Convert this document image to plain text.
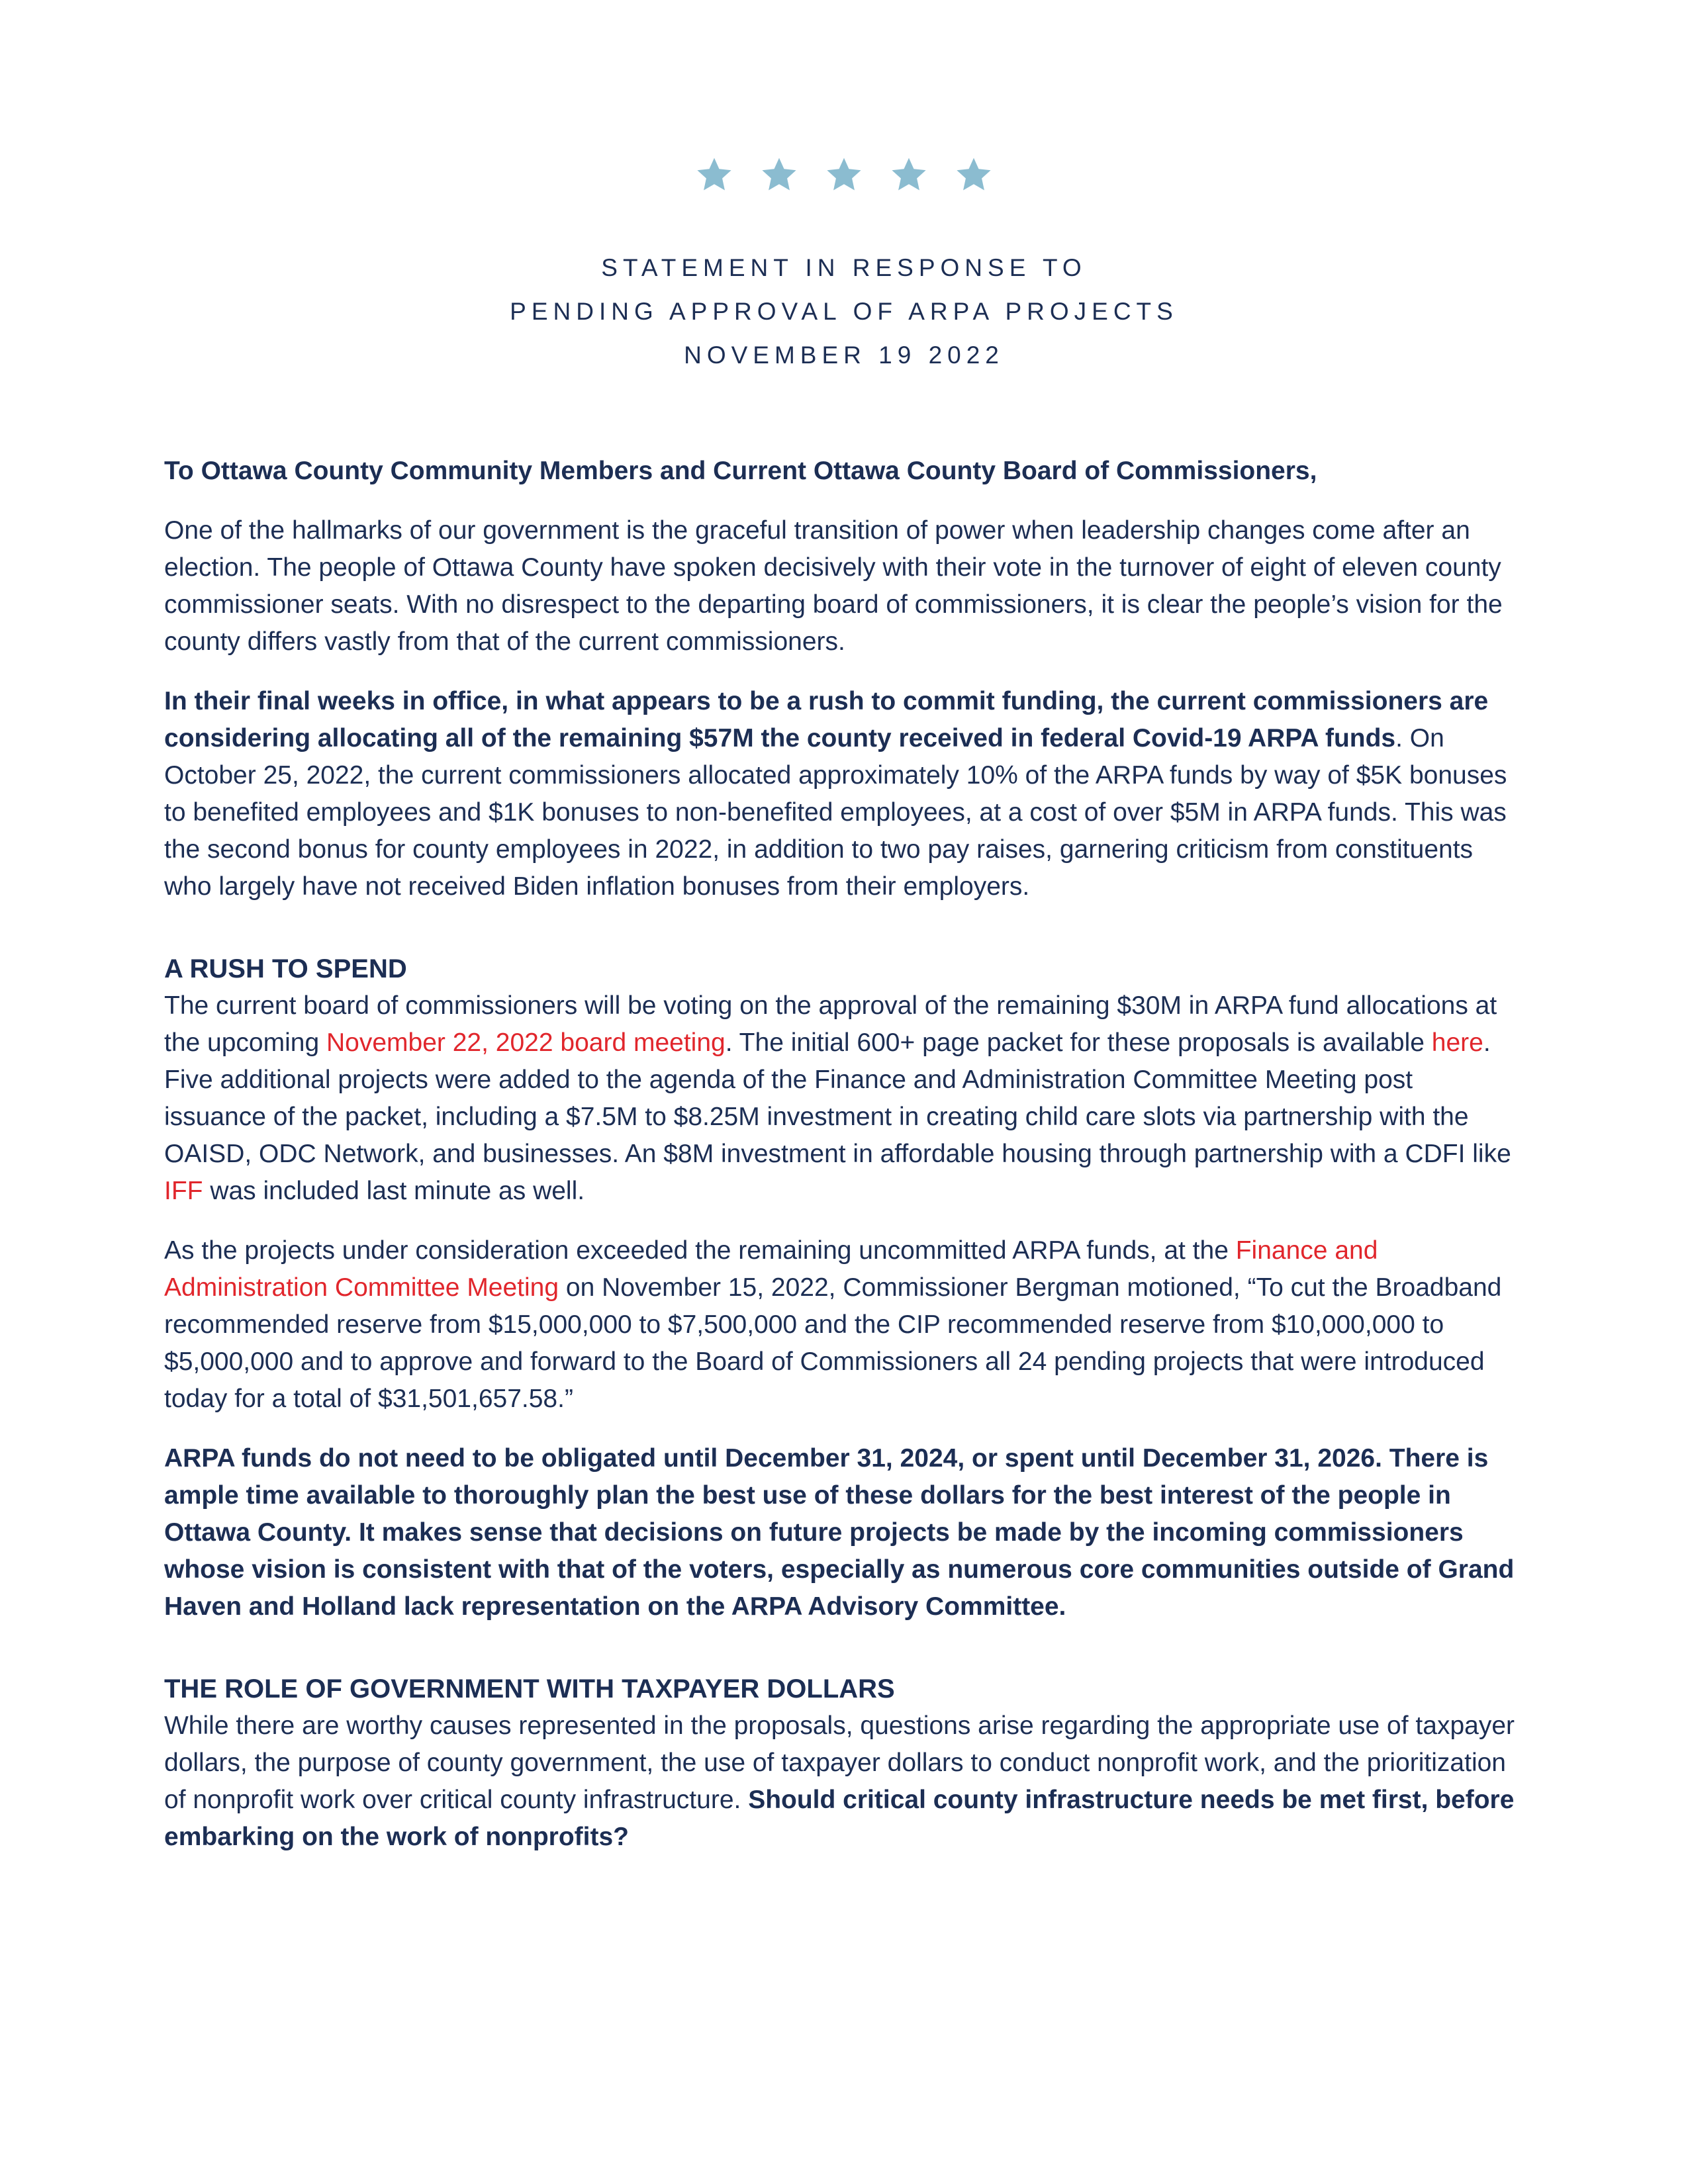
STATEMENT IN RESPONSE TO
PENDING APPROVAL OF ARPA PROJECTS
NOVEMBER 19 2022

To Ottawa County Community Members and Current Ottawa County Board of Commissioners,

One of the hallmarks of our government is the graceful transition of power when leadership changes come after an election. The people of Ottawa County have spoken decisively with their vote in the turnover of eight of eleven county commissioner seats. With no disrespect to the departing board of commissioners, it is clear the people’s vision for the county differs vastly from that of the current commissioners.

In their final weeks in office, in what appears to be a rush to commit funding, the current commissioners are considering allocating all of the remaining $57M the county received in federal Covid-19 ARPA funds. On October 25, 2022, the current commissioners allocated approximately 10% of the ARPA funds by way of $5K bonuses to benefited employees and $1K bonuses to non-benefited employees, at a cost of over $5M in ARPA funds. This was the second bonus for county employees in 2022, in addition to two pay raises, garnering criticism from constituents who largely have not received Biden inflation bonuses from their employers.

A RUSH TO SPEND

The current board of commissioners will be voting on the approval of the remaining $30M in ARPA fund allocations at the upcoming November 22, 2022 board meeting. The initial 600+ page packet for these proposals is available here. Five additional projects were added to the agenda of the Finance and Administration Committee Meeting post issuance of the packet, including a $7.5M to $8.25M investment in creating child care slots via partnership with the OAISD, ODC Network, and businesses. An $8M investment in affordable housing through partnership with a CDFI like IFF was included last minute as well.

As the projects under consideration exceeded the remaining uncommitted ARPA funds, at the Finance and Administration Committee Meeting on November 15, 2022, Commissioner Bergman motioned, “To cut the Broadband recommended reserve from $15,000,000 to $7,500,000 and the CIP recommended reserve from $10,000,000 to $5,000,000 and to approve and forward to the Board of Commissioners all 24 pending projects that were introduced today for a total of $31,501,657.58.”

ARPA funds do not need to be obligated until December 31, 2024, or spent until December 31, 2026. There is ample time available to thoroughly plan the best use of these dollars for the best interest of the people in Ottawa County. It makes sense that decisions on future projects be made by the incoming commissioners whose vision is consistent with that of the voters, especially as numerous core communities outside of Grand Haven and Holland lack representation on the ARPA Advisory Committee.

THE ROLE OF GOVERNMENT WITH TAXPAYER DOLLARS

While there are worthy causes represented in the proposals, questions arise regarding the appropriate use of taxpayer dollars, the purpose of county government, the use of taxpayer dollars to conduct nonprofit work, and the prioritization of nonprofit work over critical county infrastructure. Should critical county infrastructure needs be met first, before embarking on the work of nonprofits?
